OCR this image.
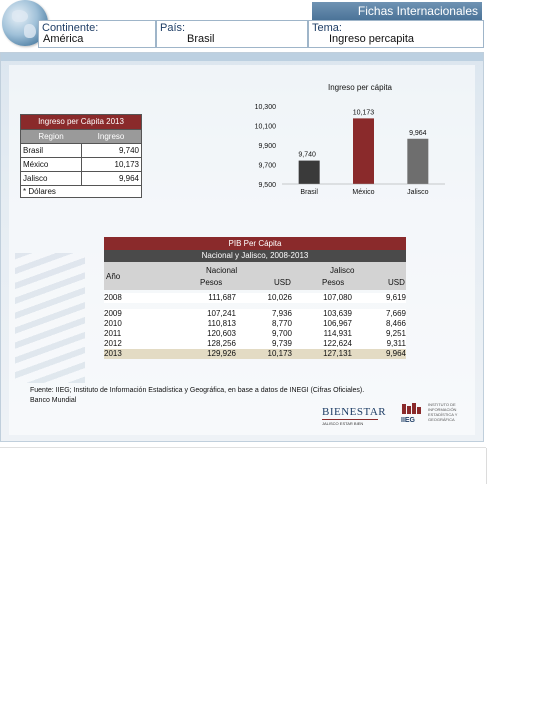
Fichas Internacionales
Continente:
América
País:
Brasil
Tema:
Ingreso percapita
Ingreso per Cápita 2013
Region	Ingreso
Brasil	9,740
México	10,173
Jalisco	9,964
* Dólares
Ingreso per cápita
9,500
9,700
9,900
10,100
10,300
9,740
Brasil
10,173
México
9,964
Jalisco
PIB Per Cápita
Nacional y Jalisco, 2008-2013
Año
Nacional	Jalisco
Pesos	USD	Pesos	USD
2008	111,687	10,026	107,080	9,619
2009	107,241	7,936	103,639	7,669
2010	110,813	8,770	106,967	8,466
2011	120,603	9,700	114,931	9,251
2012	128,256	9,739	122,624	9,311
2013	129,926	10,173	127,131	9,964
Fuente: IIEG; Instituto de Información Estadística y Geográfica, en base a datos de INEGI (Cifras Oficiales).
Banco Mundial
BIENESTAR
JALISCO ESTAR BIEN	IIEG
INSTITUTO DE INFORMACIÓN ESTADÍSTICA Y GEOGRÁFICA
